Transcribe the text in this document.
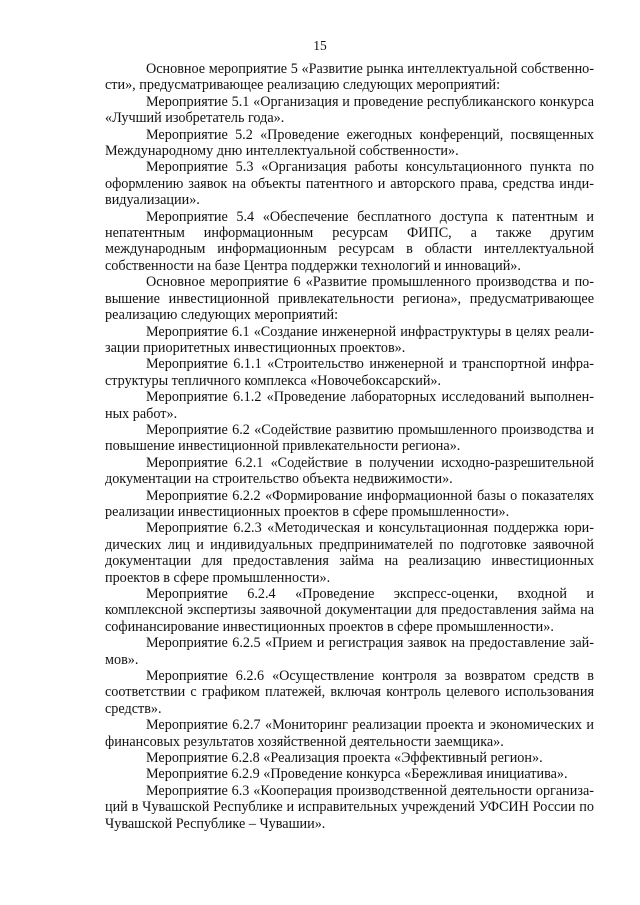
15

Основное мероприятие 5 «Развитие рынка интеллектуальной собственности», предусматривающее реализацию следующих мероприятий:

Мероприятие 5.1 «Организация и проведение республиканского конкурса «Лучший изобретатель года».

Мероприятие 5.2 «Проведение ежегодных конференций, посвященных Международному дню интеллектуальной собственности».

Мероприятие 5.3 «Организация работы консультационного пункта по оформлению заявок на объекты патентного и авторского права, средства индивидуализации».

Мероприятие 5.4 «Обеспечение бесплатного доступа к патентным и непатентным информационным ресурсам ФИПС, а также другим международным информационным ресурсам в области интеллектуальной собственности на базе Центра поддержки технологий и инноваций».

Основное мероприятие 6 «Развитие промышленного производства и повышение инвестиционной привлекательности региона», предусматривающее реализацию следующих мероприятий:

Мероприятие 6.1 «Создание инженерной инфраструктуры в целях реализации приоритетных инвестиционных проектов».

Мероприятие 6.1.1 «Строительство инженерной и транспортной инфраструктуры тепличного комплекса «Новочебоксарский».

Мероприятие 6.1.2 «Проведение лабораторных исследований выполненных работ».

Мероприятие 6.2 «Содействие развитию промышленного производства и повышение инвестиционной привлекательности региона».

Мероприятие 6.2.1 «Содействие в получении исходно-разрешительной документации на строительство объекта недвижимости».

Мероприятие 6.2.2 «Формирование информационной базы о показателях реализации инвестиционных проектов в сфере промышленности».

Мероприятие 6.2.3 «Методическая и консультационная поддержка юридических лиц и индивидуальных предпринимателей по подготовке заявочной документации для предоставления займа на реализацию инвестиционных проектов в сфере промышленности».

Мероприятие 6.2.4 «Проведение экспресс-оценки, входной и комплексной экспертизы заявочной документации для предоставления займа на софинансирование инвестиционных проектов в сфере промышленности».

Мероприятие 6.2.5 «Прием и регистрация заявок на предоставление займов».

Мероприятие 6.2.6 «Осуществление контроля за возвратом средств в соответствии с графиком платежей, включая контроль целевого использования средств».

Мероприятие 6.2.7 «Мониторинг реализации проекта и экономических и финансовых результатов хозяйственной деятельности заемщика».

Мероприятие 6.2.8 «Реализация проекта «Эффективный регион».

Мероприятие 6.2.9 «Проведение конкурса «Бережливая инициатива».

Мероприятие 6.3 «Кооперация производственной деятельности организаций в Чувашской Республике и исправительных учреждений УФСИН России по Чувашской Республике – Чувашии».
